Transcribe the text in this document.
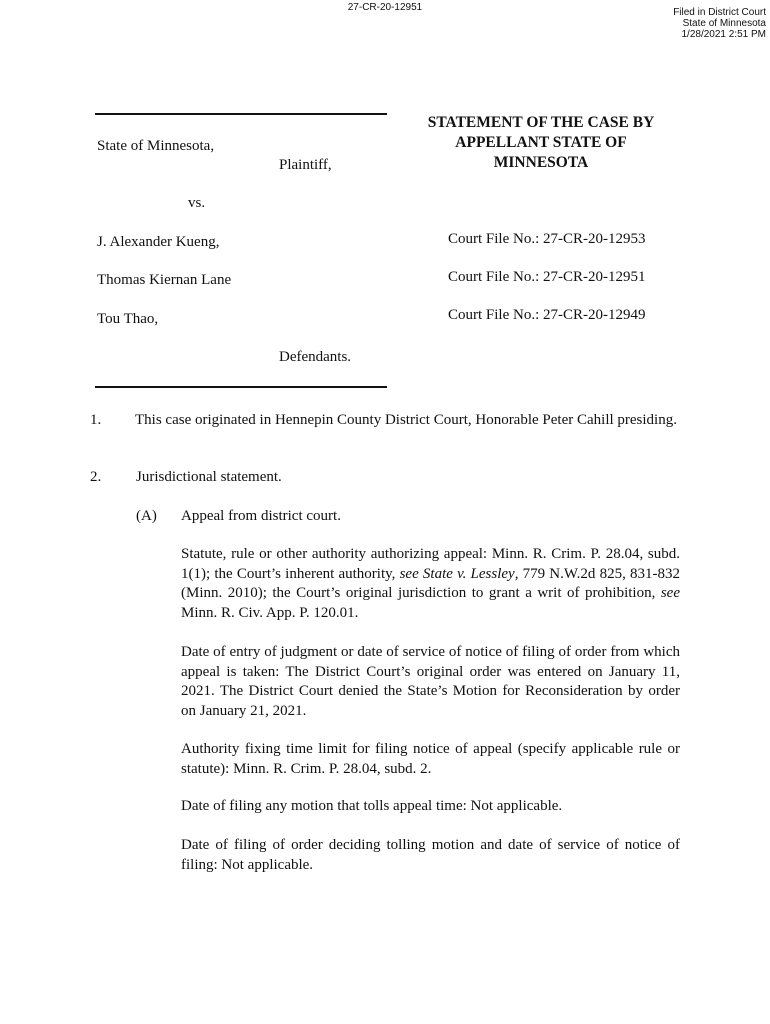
27-CR-20-12951	Filed in District Court
State of Minnesota
1/28/2021 2:51 PM
State of Minnesota,
Plaintiff,
vs.
J. Alexander Kueng,
Thomas Kiernan Lane
Tou Thao,
Defendants.
STATEMENT OF THE CASE BY
APPELLANT STATE OF
MINNESOTA
Court File No.: 27-CR-20-12953
Court File No.: 27-CR-20-12951
Court File No.: 27-CR-20-12949
1. This case originated in Hennepin County District Court, Honorable Peter Cahill presiding.
2. Jurisdictional statement.
(A) Appeal from district court.
Statute, rule or other authority authorizing appeal: Minn. R. Crim. P. 28.04, subd. 1(1); the Court’s inherent authority, see State v. Lessley, 779 N.W.2d 825, 831-832 (Minn. 2010); the Court’s original jurisdiction to grant a writ of prohibition, see Minn. R. Civ. App. P. 120.01.
Date of entry of judgment or date of service of notice of filing of order from which appeal is taken: The District Court’s original order was entered on January 11, 2021. The District Court denied the State’s Motion for Reconsideration by order on January 21, 2021.
Authority fixing time limit for filing notice of appeal (specify applicable rule or statute): Minn. R. Crim. P. 28.04, subd. 2.
Date of filing any motion that tolls appeal time: Not applicable.
Date of filing of order deciding tolling motion and date of service of notice of filing: Not applicable.
